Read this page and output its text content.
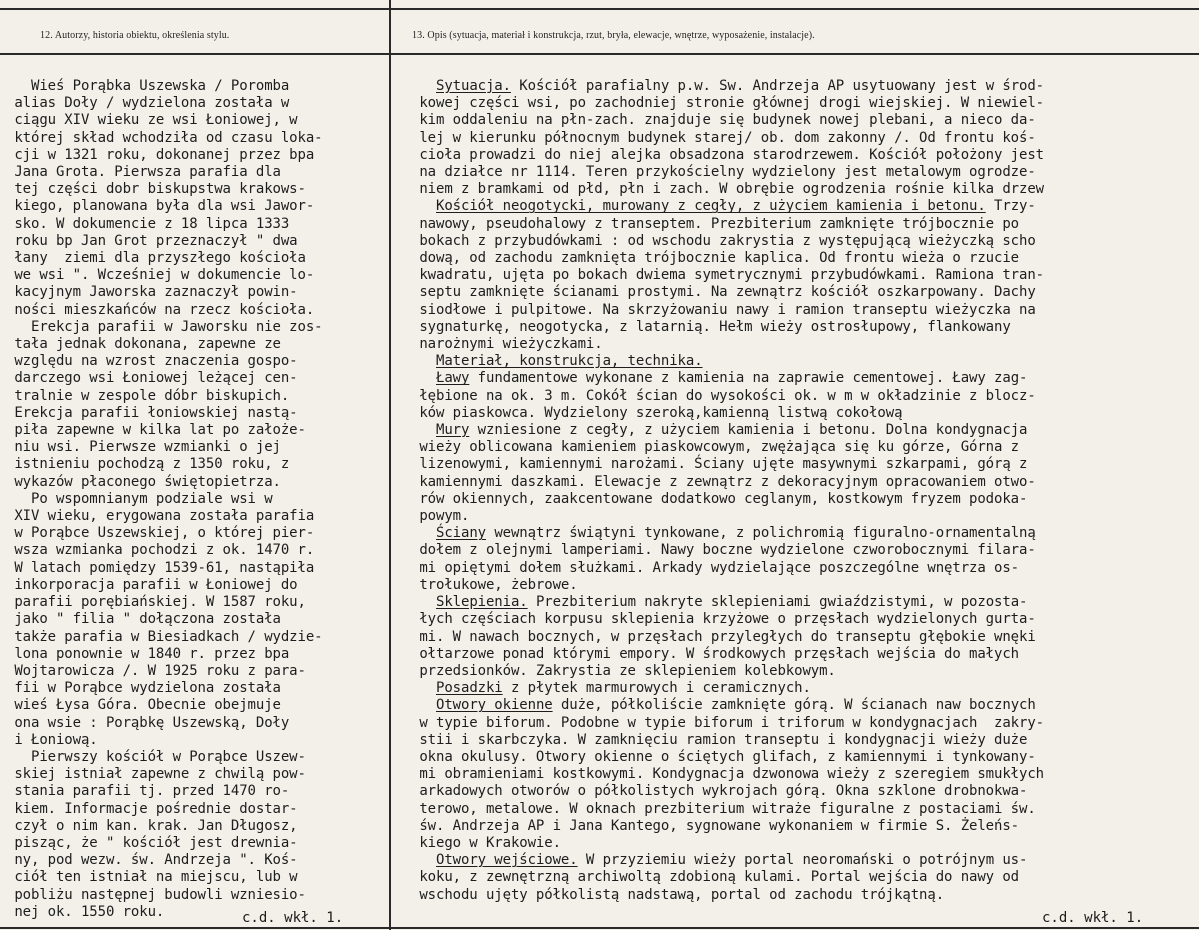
12. Autorzy, historia obiektu, określenia stylu.	13. Opis (sytuacja, materiał i konstrukcja, rzut, bryła, elewacje, wnętrze, wyposażenie, instalacje).
Wieś Porąbka Uszewska / Poromba
alias Doły / wydzielona została w
ciągu XIV wieku ze wsi Łoniowej, w
której skład wchodziła od czasu loka-
cji w 1321 roku, dokonanej przez bpa
Jana Grota. Pierwsza parafia dla
tej części dobr biskupstwa krakows-
kiego, planowana była dla wsi Jawor-
sko. W dokumencie z 18 lipca 1333
roku bp Jan Grot przeznaczył " dwa
łany  ziemi dla przyszłego kościoła
we wsi ". Wcześniej w dokumencie lo-
kacyjnym Jaworska zaznaczył powin-
ności mieszkańców na rzecz kościoła.
Erekcja parafii w Jaworsku nie zos-
tała jednak dokonana, zapewne ze
względu na wzrost znaczenia gospo-
darczego wsi Łoniowej leżącej cen-
tralnie w zespole dóbr biskupich.
Erekcja parafii łoniowskiej nastą-
piła zapewne w kilka lat po założe-
niu wsi. Pierwsze wzmianki o jej
istnieniu pochodzą z 1350 roku, z
wykazów płaconego świętopietrza.
Po wspomnianym podziale wsi w
XIV wieku, erygowana została parafia
w Porąbce Uszewskiej, o której pier-
wsza wzmianka pochodzi z ok. 1470 r.
W latach pomiędzy 1539-61, nastąpiła
inkorporacja parafii w Łoniowej do
parafii porębiańskiej. W 1587 roku,
jako " filia " dołączona została
także parafia w Biesiadkach / wydzie-
lona ponownie w 1840 r. przez bpa
Wojtarowicza /. W 1925 roku z para-
fii w Porąbce wydzielona została
wieś Łysa Góra. Obecnie obejmuje
ona wsie : Porąbkę Uszewską, Doły
i Łoniową.
Pierwszy kościół w Porąbce Uszew-
skiej istniał zapewne z chwilą pow-
stania parafii tj. przed 1470 ro-
kiem. Informacje pośrednie dostar-
czył o nim kan. krak. Jan Długosz,
pisząc, że " kościół jest drewnia-
ny, pod wezw. św. Andrzeja ". Koś-
ciół ten istniał na miejscu, lub w
pobliżu następnej budowli wzniesio-
nej ok. 1550 roku.
Sytuacja. Kościół parafialny p.w. Sw. Andrzeja AP usytuowany jest w środ-
kowej części wsi, po zachodniej stronie głównej drogi wiejskiej. W niewiel-
kim oddaleniu na płn-zach. znajduje się budynek nowej plebani, a nieco da-
lej w kierunku północnym budynek starej/ ob. dom zakonny /. Od frontu koś-
cioła prowadzi do niej alejka obsadzona starodrzewem. Kościół położony jest
na działce nr 1114. Teren przykościelny wydzielony jest metalowym ogrodze-
niem z bramkami od płd, płn i zach. W obrębie ogrodzenia rośnie kilka drzew
Kościół neogotycki, murowany z cegły, z użyciem kamienia i betonu. Trzy-
nawowy, pseudohalowy z transeptem. Prezbiterium zamknięte trójbocznie po
bokach z przybudówkami : od wschodu zakrystia z występującą wieżyczką scho
dową, od zachodu zamknięta trójbocznie kaplica. Od frontu wieża o rzucie
kwadratu, ujęta po bokach dwiema symetrycznymi przybudówkami. Ramiona tran-
septu zamknięte ścianami prostymi. Na zewnątrz kościół oszkarpowany. Dachy
siodłowe i pulpitowe. Na skrzyżowaniu nawy i ramion transeptu wieżyczka na
sygnaturkę, neogotycka, z latarnią. Hełm wieży ostrosłupowy, flankowany
narożnymi wieżyczkami.
Materiał, konstrukcja, technika.
Ławy fundamentowe wykonane z kamienia na zaprawie cementowej. Ławy zag-
łębione na ok. 3 m. Cokół ścian do wysokości ok. w m w okładzinie z blocz-
ków piaskowca. Wydzielony szeroką,kamienną listwą cokołową
Mury wzniesione z cegły, z użyciem kamienia i betonu. Dolna kondygnacja
wieży oblicowana kamieniem piaskowcowym, zwężająca się ku górze, Górna z
lizenowymi, kamiennymi narożami. Ściany ujęte masywnymi szkarpami, górą z
kamiennymi daszkami. Elewacje z zewnątrz z dekoracyjnym opracowaniem otwo-
rów okiennych, zaakcentowane dodatkowo ceglanym, kostkowym fryzem podoka-
powym.
Ściany wewnątrz świątyni tynkowane, z polichromią figuralno-ornamentalną
dołem z olejnymi lamperiami. Nawy boczne wydzielone czworobocznymi filara-
mi opiętymi dołem służkami. Arkady wydzielające poszczególne wnętrza os-
trołukowe, żebrowe.
Sklepienia. Prezbiterium nakryte sklepieniami gwiaździstymi, w pozosta-
łych częściach korpusu sklepienia krzyżowe o przęsłach wydzielonych gurta-
mi. W nawach bocznych, w przęsłach przyległych do transeptu głębokie wnęki
ołtarzowe ponad którymi empory. W środkowych przęsłach wejścia do małych
przedsionków. Zakrystia ze sklepieniem kolebkowym.
Posadzki z płytek marmurowych i ceramicznych.
Otwory okienne duże, półkoliście zamknięte górą. W ścianach naw bocznych
w typie biforum. Podobne w typie biforum i triforum w kondygnacjach  zakry-
stii i skarbczyka. W zamknięciu ramion transeptu i kondygnacji wieży duże
okna okulusy. Otwory okienne o ściętych glifach, z kamiennymi i tynkowany-
mi obramieniami kostkowymi. Kondygnacja dzwonowa wieży z szeregiem smukłych
arkadowych otworów o półkolistych wykrojach górą. Okna szklone drobnokwa-
terowo, metalowe. W oknach prezbiterium witraże figuralne z postaciami św.
św. Andrzeja AP i Jana Kantego, sygnowane wykonaniem w firmie S. Żeleńs-
kiego w Krakowie.
Otwory wejściowe. W przyziemiu wieży portal neoromański o potrójnym us-
koku, z zewnętrzną archiwoltą zdobioną kulami. Portal wejścia do nawy od
wschodu ujęty półkolistą nadstawą, portal od zachodu trójkątną.
c.d. wkł. 1.	c.d. wkł. 1.
